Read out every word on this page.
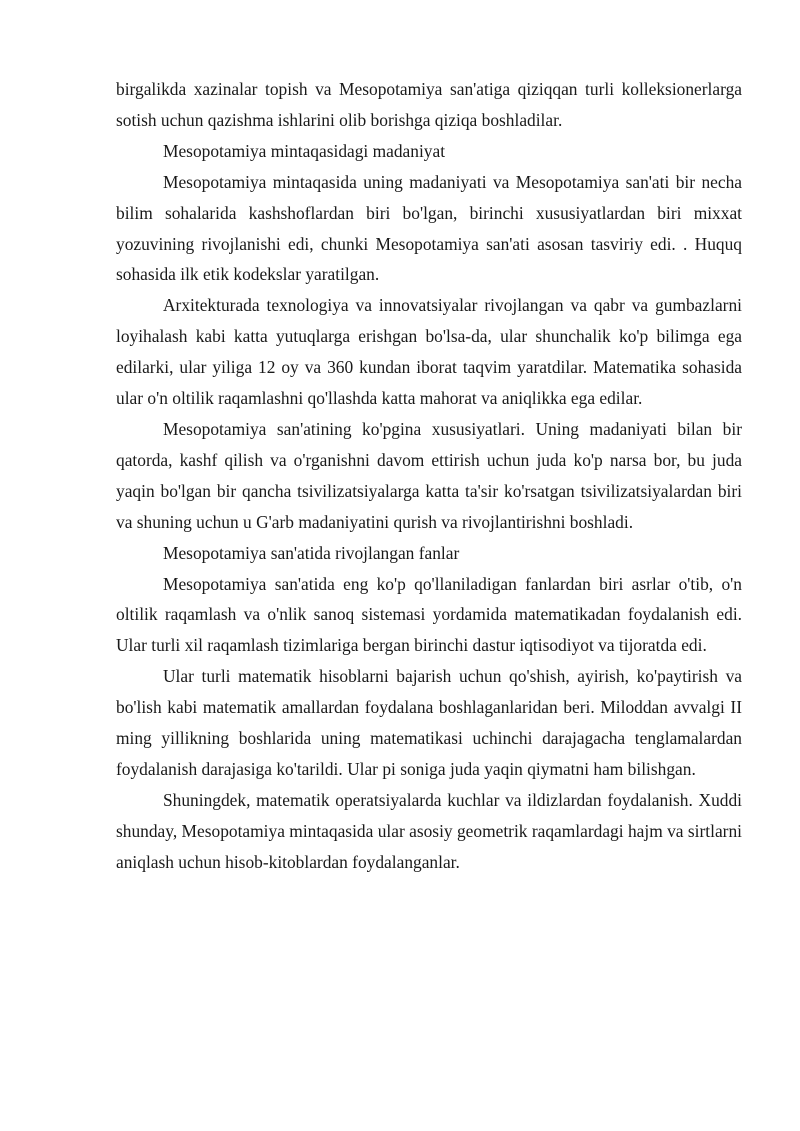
birgalikda xazinalar topish va Mesopotamiya san'atiga qiziqqan turli kolleksionerlarga sotish uchun qazishma ishlarini olib borishga qiziqa boshladilar.

Mesopotamiya mintaqasidagi madaniyat

Mesopotamiya mintaqasida uning madaniyati va Mesopotamiya san'ati bir necha bilim sohalarida kashshoflardan biri bo'lgan, birinchi xususiyatlardan biri mixxat yozuvining rivojlanishi edi, chunki Mesopotamiya san'ati asosan tasviriy edi. . Huquq sohasida ilk etik kodekslar yaratilgan.

Arxitekturada texnologiya va innovatsiyalar rivojlangan va qabr va gumbazlarni loyihalash kabi katta yutuqlarga erishgan bo'lsa-da, ular shunchalik ko'p bilimga ega edilarki, ular yiliga 12 oy va 360 kundan iborat taqvim yaratdilar. Matematika sohasida ular o'n oltilik raqamlashni qo'llashda katta mahorat va aniqlikka ega edilar.

Mesopotamiya san'atining ko'pgina xususiyatlari. Uning madaniyati bilan bir qatorda, kashf qilish va o'rganishni davom ettirish uchun juda ko'p narsa bor, bu juda yaqin bo'lgan bir qancha tsivilizatsiyalarga katta ta'sir ko'rsatgan tsivilizatsiyalardan biri va shuning uchun u G'arb madaniyatini qurish va rivojlantirishni boshladi.

Mesopotamiya san'atida rivojlangan fanlar

Mesopotamiya san'atida eng ko'p qo'llaniladigan fanlardan biri asrlar o'tib, o'n oltilik raqamlash va o'nlik sanoq sistemasi yordamida matematikadan foydalanish edi. Ular turli xil raqamlash tizimlariga bergan birinchi dastur iqtisodiyot va tijoratda edi.

Ular turli matematik hisoblarni bajarish uchun qo'shish, ayirish, ko'paytirish va bo'lish kabi matematik amallardan foydalana boshlaganlaridan beri. Miloddan avvalgi II ming yillikning boshlarida uning matematikasi uchinchi darajagacha tenglamalardan foydalanish darajasiga ko'tarildi. Ular pi soniga juda yaqin qiymatni ham bilishgan.

Shuningdek, matematik operatsiyalarda kuchlar va ildizlardan foydalanish. Xuddi shunday, Mesopotamiya mintaqasida ular asosiy geometrik raqamlardagi hajm va sirtlarni aniqlash uchun hisob-kitoblardan foydalanganlar.
